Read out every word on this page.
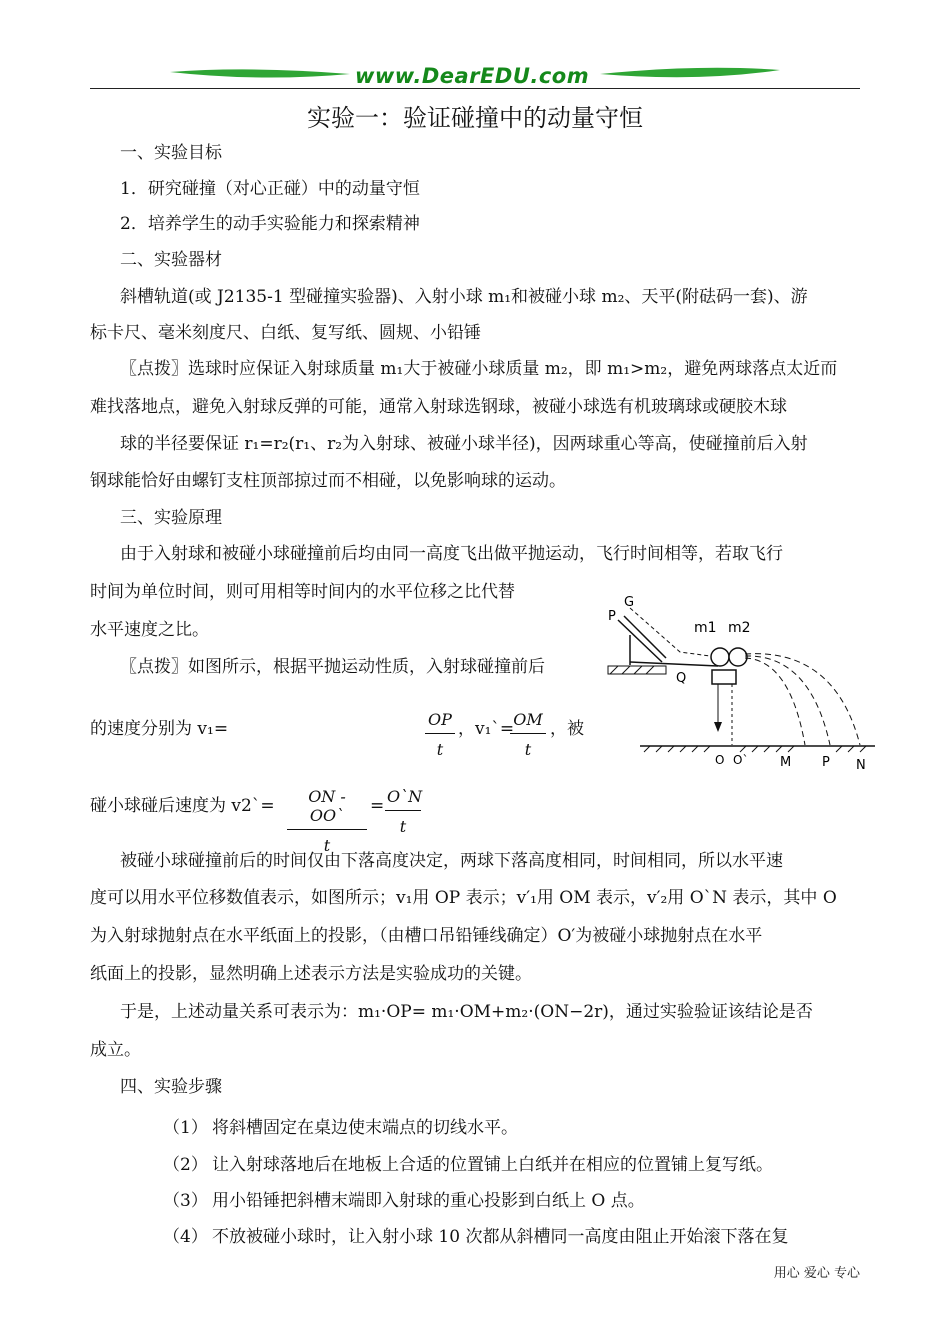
www.DearEDU.com
实验一：验证碰撞中的动量守恒
一、实验目标
1．研究碰撞（对心正碰）中的动量守恒
2．培养学生的动手实验能力和探索精神
二、实验器材
斜槽轨道(或 J2135-1 型碰撞实验器)、入射小球 m₁和被碰小球 m₂、天平(附砝码一套)、游
标卡尺、毫米刻度尺、白纸、复写纸、圆规、小铅锤
〖点拨〗选球时应保证入射球质量 m₁大于被碰小球质量 m₂，即 m₁>m₂，避免两球落点太近而
难找落地点，避免入射球反弹的可能，通常入射球选钢球，被碰小球选有机玻璃球或硬胶木球
球的半径要保证 r₁=r₂(r₁、r₂为入射球、被碰小球半径)，因两球重心等高，使碰撞前后入射
钢球能恰好由螺钉支柱顶部掠过而不相碰，以免影响球的运动。
三、实验原理
由于入射球和被碰小球碰撞前后均由同一高度飞出做平抛运动，飞行时间相等，若取飞行
时间为单位时间，则可用相等时间内的水平位移之比代替
水平速度之比。
〖点拨〗如图所示，根据平抛运动性质，入射球碰撞前后
的速度分别为 v₁=	$\frac{OP}{t}$ ，v₁`=
$\frac{OM}{t}$ ，被
碰小球碰后速度为 v2`= $\frac{ON - OO`}{t} = \frac{O`N}{t}$
被碰小球碰撞前后的时间仅由下落高度决定，两球下落高度相同，时间相同，所以水平速
度可以用水平位移数值表示，如图所示；v₁用 OP 表示；v′₁用 OM 表示，v′₂用 O`N 表示，其中 O
为入射球抛射点在水平纸面上的投影，（由槽口吊铅锤线确定）O′为被碰小球抛射点在水平
纸面上的投影，显然明确上述表示方法是实验成功的关键。
于是，上述动量关系可表示为：m₁·OP= m₁·OM+m₂·(ON−2r)，通过实验验证该结论是否
成立。
四、实验步骤
（1） 将斜槽固定在桌边使末端点的切线水平。
（2） 让入射球落地后在地板上合适的位置铺上白纸并在相应的位置铺上复写纸。
（3） 用小铅锤把斜槽末端即入射球的重心投影到白纸上 O 点。
（4） 不放被碰小球时，让入射小球 10 次都从斜槽同一高度由阻止开始滚下落在复
P
G
Q
m1 m2
O O` M P N
用心 爱心 专心
